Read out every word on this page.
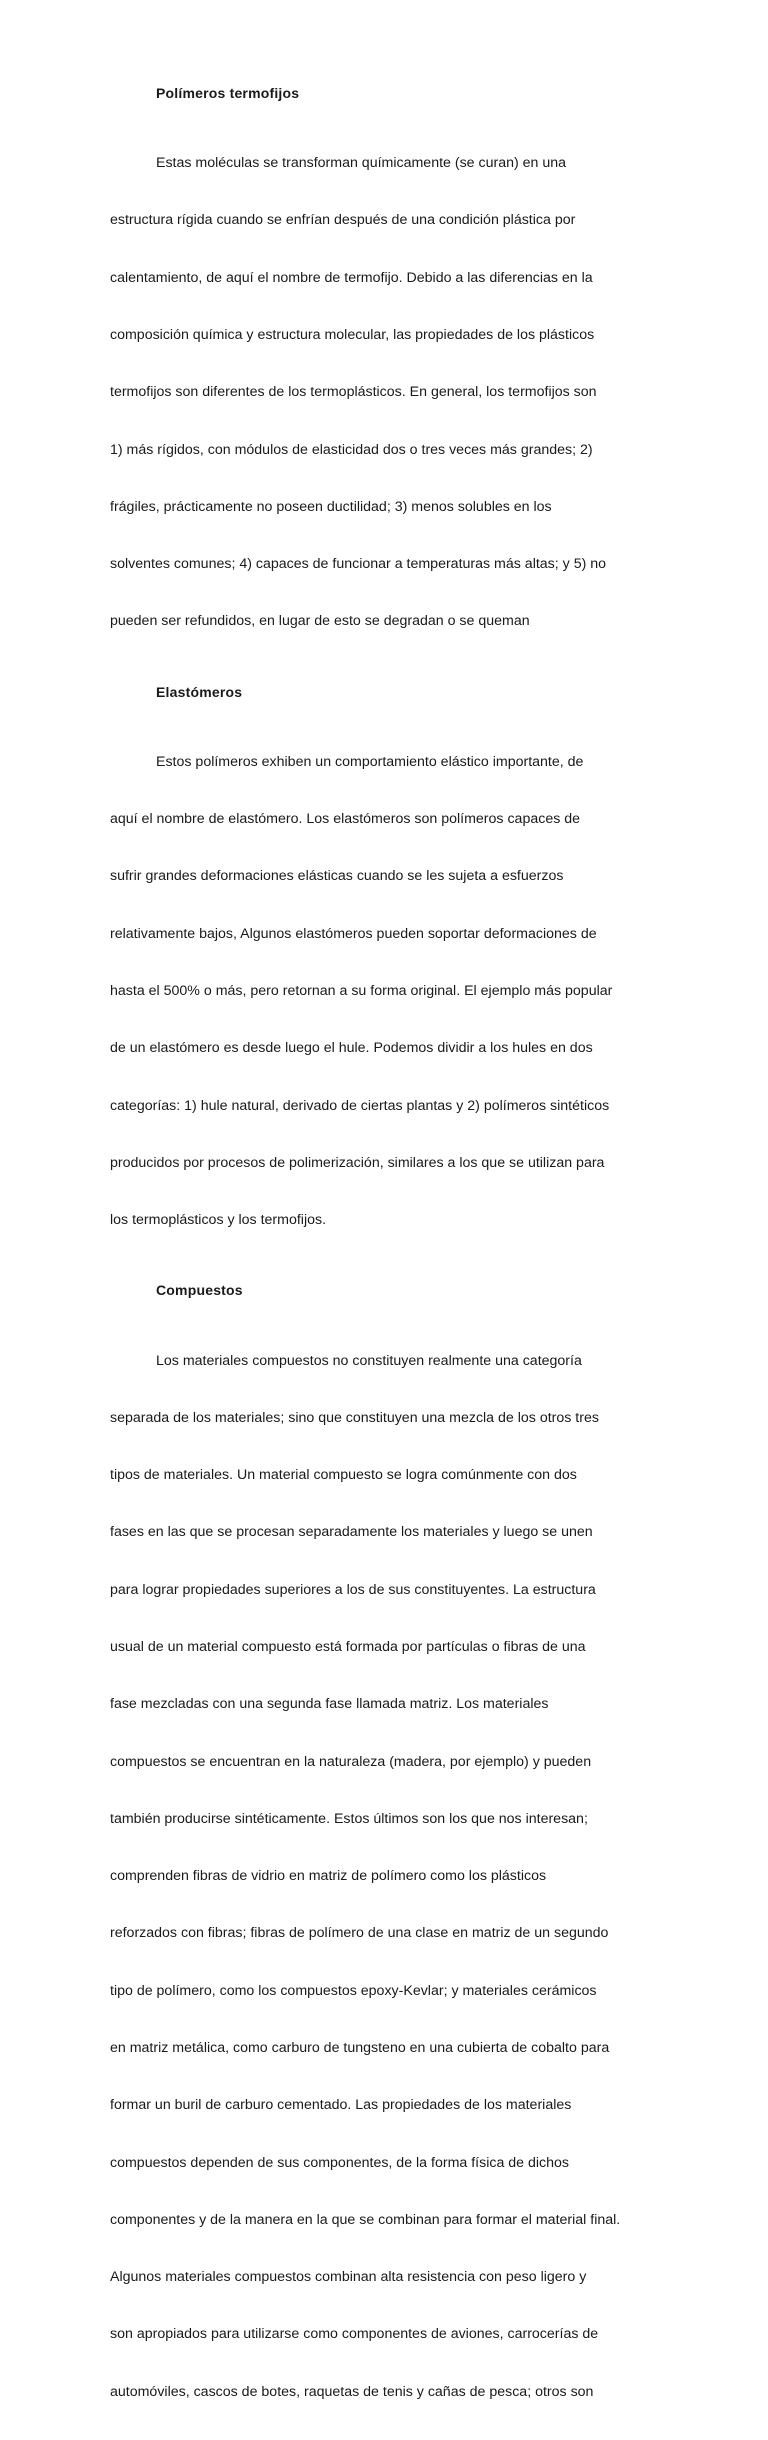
Polímeros termofijos

Estas moléculas se transforman químicamente (se curan) en una

estructura rígida cuando se enfrían después de una condición plástica por

calentamiento, de aquí el nombre de termofijo. Debido a las diferencias en la

composición química y estructura molecular, las propiedades de los plásticos

termofijos son diferentes de los termoplásticos. En general, los termofijos son

1) más rígidos, con módulos de elasticidad dos o tres veces más grandes; 2)

frágiles, prácticamente no poseen ductilidad; 3) menos solubles en los

solventes comunes; 4) capaces de funcionar a temperaturas más altas; y 5) no

pueden ser refundidos, en lugar de esto se degradan o se queman

Elastómeros

Estos polímeros exhiben un comportamiento elástico importante, de

aquí el nombre de elastómero. Los elastómeros son polímeros capaces de

sufrir grandes deformaciones elásticas cuando se les sujeta a esfuerzos

relativamente bajos, Algunos elastómeros pueden soportar deformaciones de

hasta el 500% o más, pero retornan a su forma original. El ejemplo más popular

de un elastómero es desde luego el hule. Podemos dividir a los hules en dos

categorías: 1) hule natural, derivado de ciertas plantas y 2) polímeros sintéticos

producidos por procesos de polimerización, similares a los que se utilizan para

los termoplásticos y los termofijos.

Compuestos

Los materiales compuestos no constituyen realmente una categoría

separada de los materiales; sino que constituyen una mezcla de los otros tres

tipos de materiales. Un material compuesto se logra comúnmente con dos

fases en las que se procesan separadamente los materiales y luego se unen

para lograr propiedades superiores a los de sus constituyentes. La estructura

usual de un material compuesto está formada por partículas o fibras de una

fase mezcladas con una segunda fase llamada matriz. Los materiales

compuestos se encuentran en la naturaleza (madera, por ejemplo) y pueden

también producirse sintéticamente. Estos últimos son los que nos interesan;

comprenden fibras de vidrio en matriz de polímero como los plásticos

reforzados con fibras; fibras de polímero de una clase en matriz de un segundo

tipo de polímero, como los compuestos epoxy-Kevlar; y materiales cerámicos

en matriz metálica, como carburo de tungsteno en una cubierta de cobalto para

formar un buril de carburo cementado. Las propiedades de los materiales

compuestos dependen de sus componentes, de la forma física de dichos

componentes y de la manera en la que se combinan para formar el material final.

Algunos materiales compuestos combinan alta resistencia con peso ligero y

son apropiados para utilizarse como componentes de aviones, carrocerías de

automóviles, cascos de botes, raquetas de tenis y cañas de pesca; otros son
